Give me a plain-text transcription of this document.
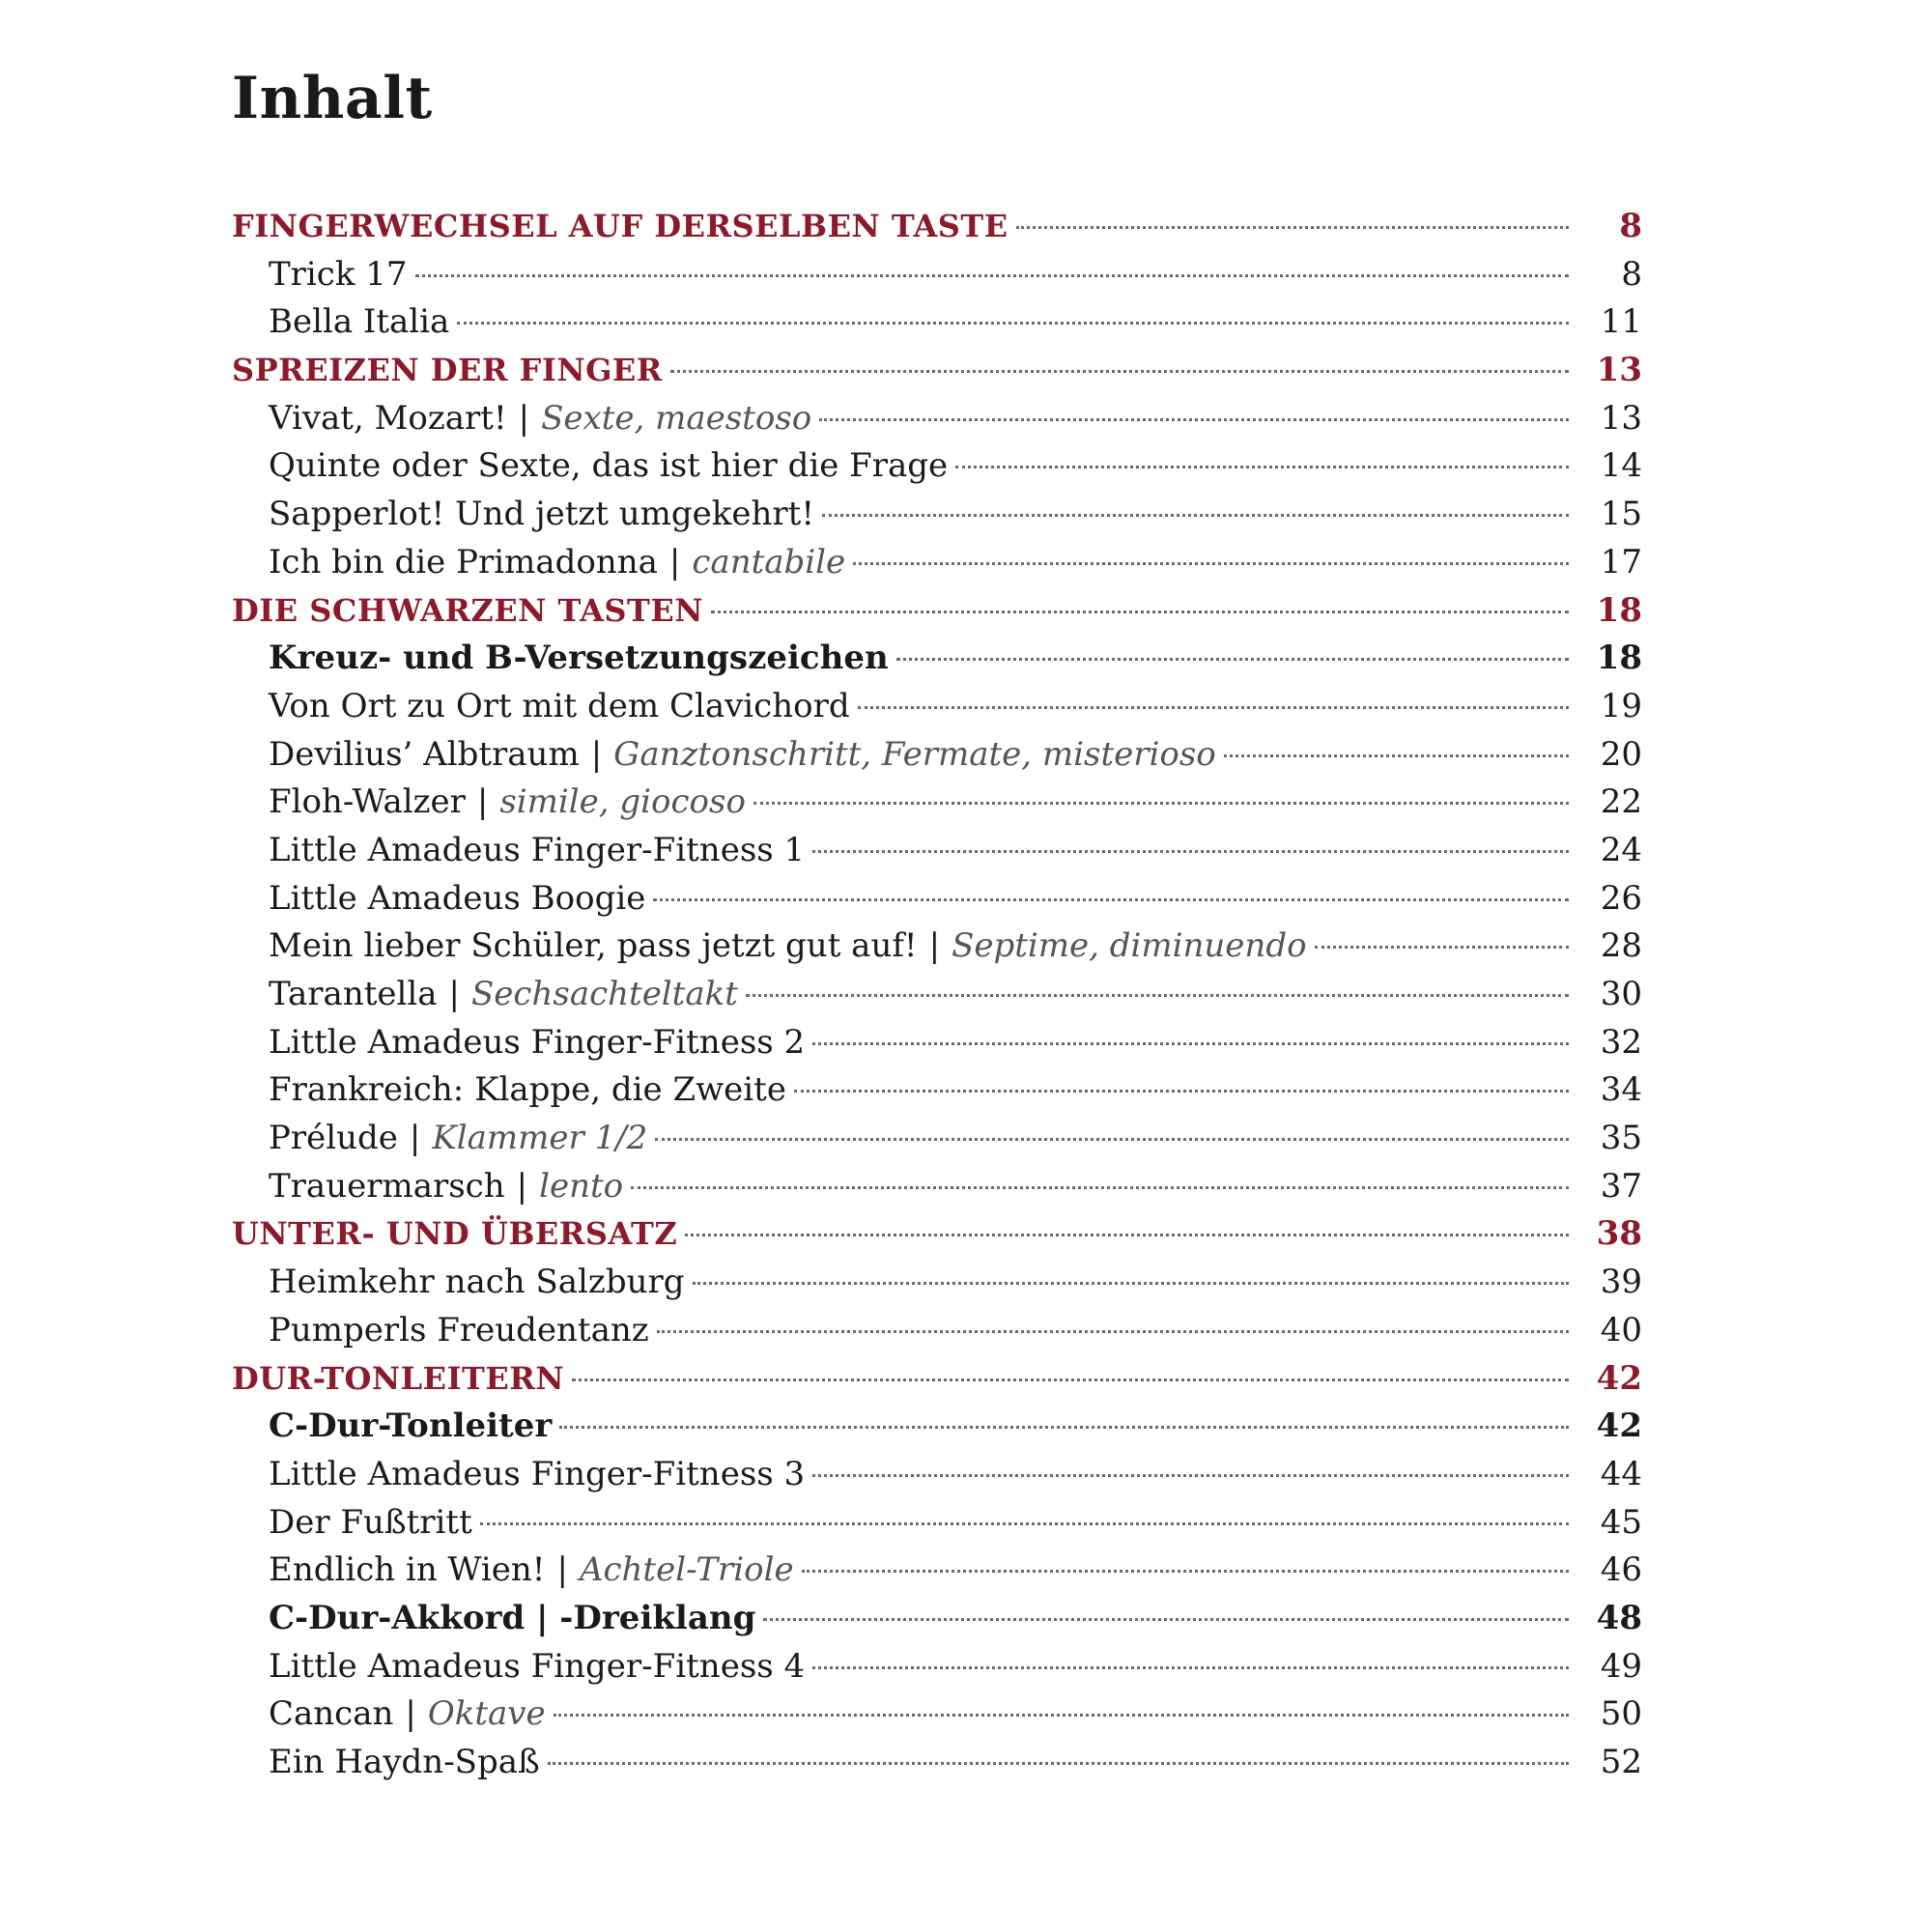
Inhalt
FINGERWECHSEL AUF DERSELBEN TASTE	8
Trick 17	8
Bella Italia	11
SPREIZEN DER FINGER	13
Vivat, Mozart! | Sexte, maestoso	13
Quinte oder Sexte, das ist hier die Frage	14
Sapperlot! Und jetzt umgekehrt!	15
Ich bin die Primadonna | cantabile	17
DIE SCHWARZEN TASTEN	18
Kreuz- und B-Versetzungszeichen	18
Von Ort zu Ort mit dem Clavichord	19
Devilius’ Albtraum | Ganztonschritt, Fermate, misterioso	20
Floh-Walzer | simile, giocoso	22
Little Amadeus Finger-Fitness 1	24
Little Amadeus Boogie	26
Mein lieber Schüler, pass jetzt gut auf! | Septime, diminuendo	28
Tarantella | Sechsachteltakt	30
Little Amadeus Finger-Fitness 2	32
Frankreich: Klappe, die Zweite	34
Prélude | Klammer 1/2	35
Trauermarsch | lento	37
UNTER- UND ÜBERSATZ	38
Heimkehr nach Salzburg	39
Pumperls Freudentanz	40
DUR-TONLEITERN	42
C-Dur-Tonleiter	42
Little Amadeus Finger-Fitness 3	44
Der Fußtritt	45
Endlich in Wien! | Achtel-Triole	46
C-Dur-Akkord | -Dreiklang	48
Little Amadeus Finger-Fitness 4	49
Cancan | Oktave	50
Ein Haydn-Spaß	52
